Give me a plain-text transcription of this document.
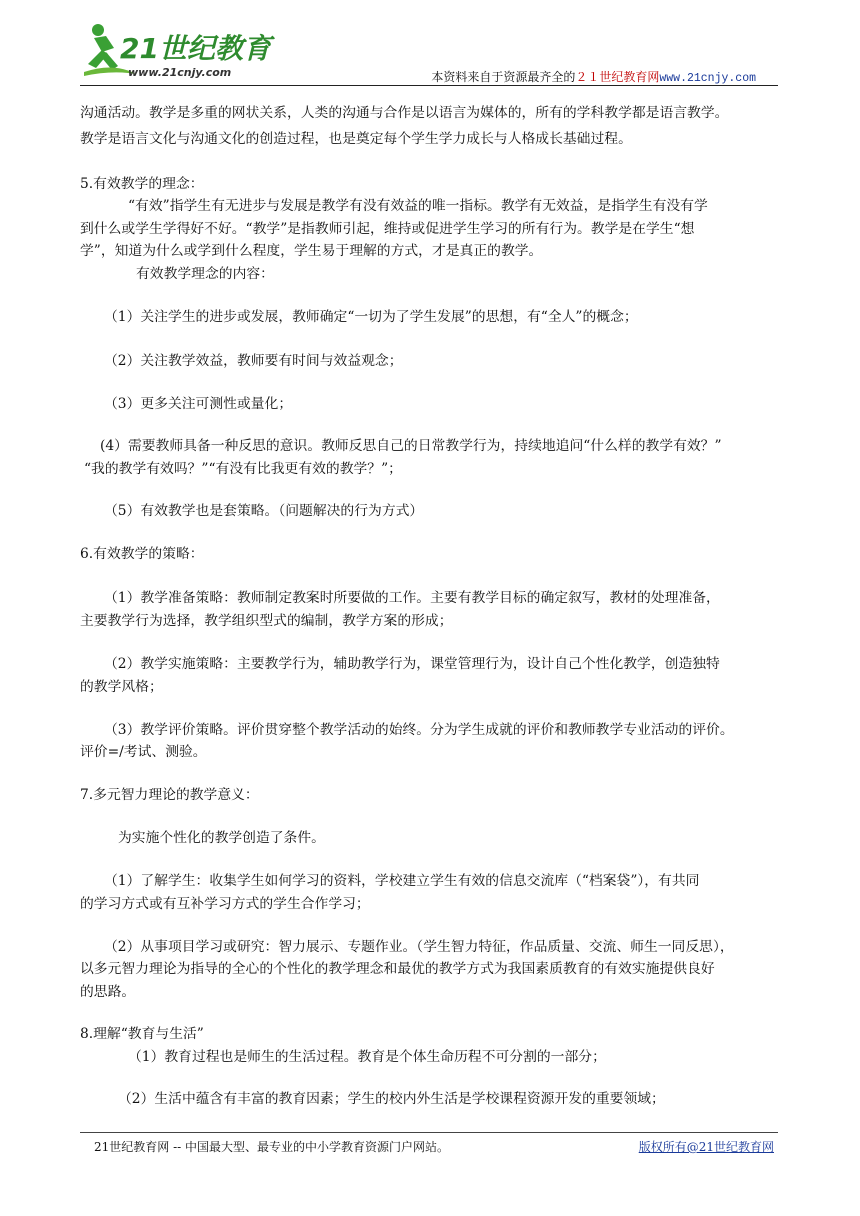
21世纪教育
www.21cnjy.com	本资料来自于资源最齐全的２１世纪教育网www.21cnjy.com
沟通活动。教学是多重的网状关系，人类的沟通与合作是以语言为媒体的，所有的学科教学都是语言教学。
教学是语言文化与沟通文化的创造过程，也是奠定每个学生学力成长与人格成长基础过程。
5.有效教学的理念：
“有效”指学生有无进步与发展是教学有没有效益的唯一指标。教学有无效益，是指学生有没有学
到什么或学生学得好不好。“教学”是指教师引起，维持或促进学生学习的所有行为。教学是在学生“想
学”，知道为什么或学到什么程度，学生易于理解的方式，才是真正的教学。
有效教学理念的内容：
（1）关注学生的进步或发展，教师确定“一切为了学生发展”的思想，有“全人”的概念；
（2）关注教学效益，教师要有时间与效益观念；
（3）更多关注可测性或量化；
(4）需要教师具备一种反思的意识。教师反思自己的日常教学行为，持续地追问“什么样的教学有效？”
“我的教学有效吗？”“有没有比我更有效的教学？”；
（5）有效教学也是套策略。（问题解决的行为方式）
6.有效教学的策略：
（1）教学准备策略：教师制定教案时所要做的工作。主要有教学目标的确定叙写，教材的处理准备，
主要教学行为选择，教学组织型式的编制，教学方案的形成；
（2）教学实施策略：主要教学行为，辅助教学行为，课堂管理行为，设计自己个性化教学，创造独特
的教学风格；
（3）教学评价策略。评价贯穿整个教学活动的始终。分为学生成就的评价和教师教学专业活动的评价。
评价=/考试、测验。
7.多元智力理论的教学意义：
为实施个性化的教学创造了条件。
（1）了解学生：收集学生如何学习的资料，学校建立学生有效的信息交流库（“档案袋”），有共同
的学习方式或有互补学习方式的学生合作学习；
（2）从事项目学习或研究：智力展示、专题作业。（学生智力特征，作品质量、交流、师生一同反思），
以多元智力理论为指导的全心的个性化的教学理念和最优的教学方式为我国素质教育的有效实施提供良好
的思路。
8.理解“教育与生活”
（1）教育过程也是师生的生活过程。教育是个体生命历程不可分割的一部分；
（2）生活中蕴含有丰富的教育因素；学生的校内外生活是学校课程资源开发的重要领域；
21世纪教育网 -- 中国最大型、最专业的中小学教育资源门户网站。	版权所有@21世纪教育网
